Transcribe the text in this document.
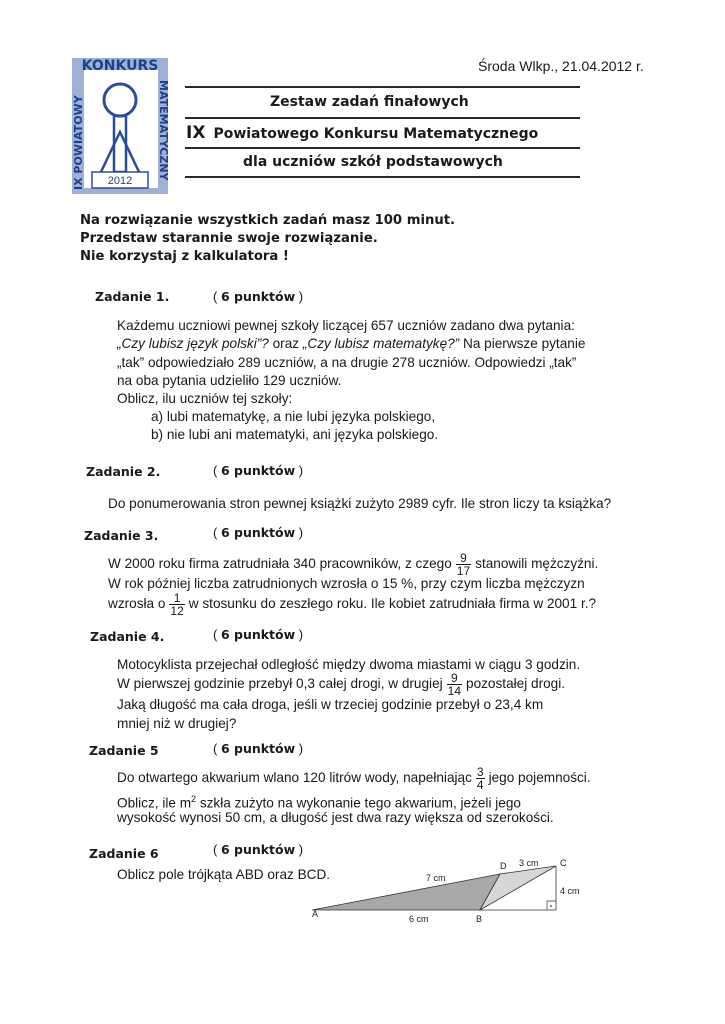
Środa Wlkp., 21.04.2012 r.
KONKURS
IX POWIATOWY	MATEMATYCZNY
2012
Zestaw zadań finałowych
IX Powiatowego Konkursu Matematycznego
dla uczniów szkół podstawowych
Na rozwiązanie wszystkich zadań masz 100 minut.
Przedstaw starannie swoje rozwiązanie.
Nie korzystaj z kalkulatora !
Zadanie 1.	( 6 punktów )
Każdemu uczniowi pewnej szkoły liczącej 657 uczniów zadano dwa pytania:
„Czy lubisz język polski”? oraz „Czy lubisz matematykę?” Na pierwsze pytanie
„tak” odpowiedziało 289 uczniów, a na drugie 278 uczniów. Odpowiedzi „tak”
na oba pytania udzieliło 129 uczniów.
Oblicz, ilu uczniów tej szkoły:
a) lubi matematykę, a nie lubi języka polskiego,
b) nie lubi ani matematyki, ani języka polskiego.
Zadanie 2.	( 6 punktów )
Do ponumerowania stron pewnej książki zużyto 2989 cyfr. Ile stron liczy ta książka?
Zadanie 3.	( 6 punktów )
W 2000 roku firma zatrudniała 340 pracowników, z czego $\frac{9}{17}$ stanowili mężczyźni.
W rok później liczba zatrudnionych wzrosła o 15 %, przy czym liczba mężczyzn
wzrosła o $\frac{1}{12}$ w stosunku do zeszłego roku. Ile kobiet zatrudniała firma w 2001 r.?
Zadanie 4.	( 6 punktów )
Motocyklista przejechał odległość między dwoma miastami w ciągu 3 godzin.
W pierwszej godzinie przebył 0,3 całej drogi, w drugiej $\frac{9}{14}$ pozostałej drogi.
Jaką długość ma cała droga, jeśli w trzeciej godzinie przebył o 23,4 km
mniej niż w drugiej?
Zadanie 5	( 6 punktów )
Do otwartego akwarium wlano 120 litrów wody, napełniając $\frac{3}{4}$ jego pojemności.
Oblicz, ile $m^2$ szkła zużyto na wykonanie tego akwarium, jeżeli jego
wysokość wynosi 50 cm, a długość jest dwa razy większa od szerokości.
Zadanie 6	( 6 punktów )
Oblicz pole trójkąta ABD oraz BCD.
A	B
C
D
7 cm
6 cm
3 cm
4 cm
